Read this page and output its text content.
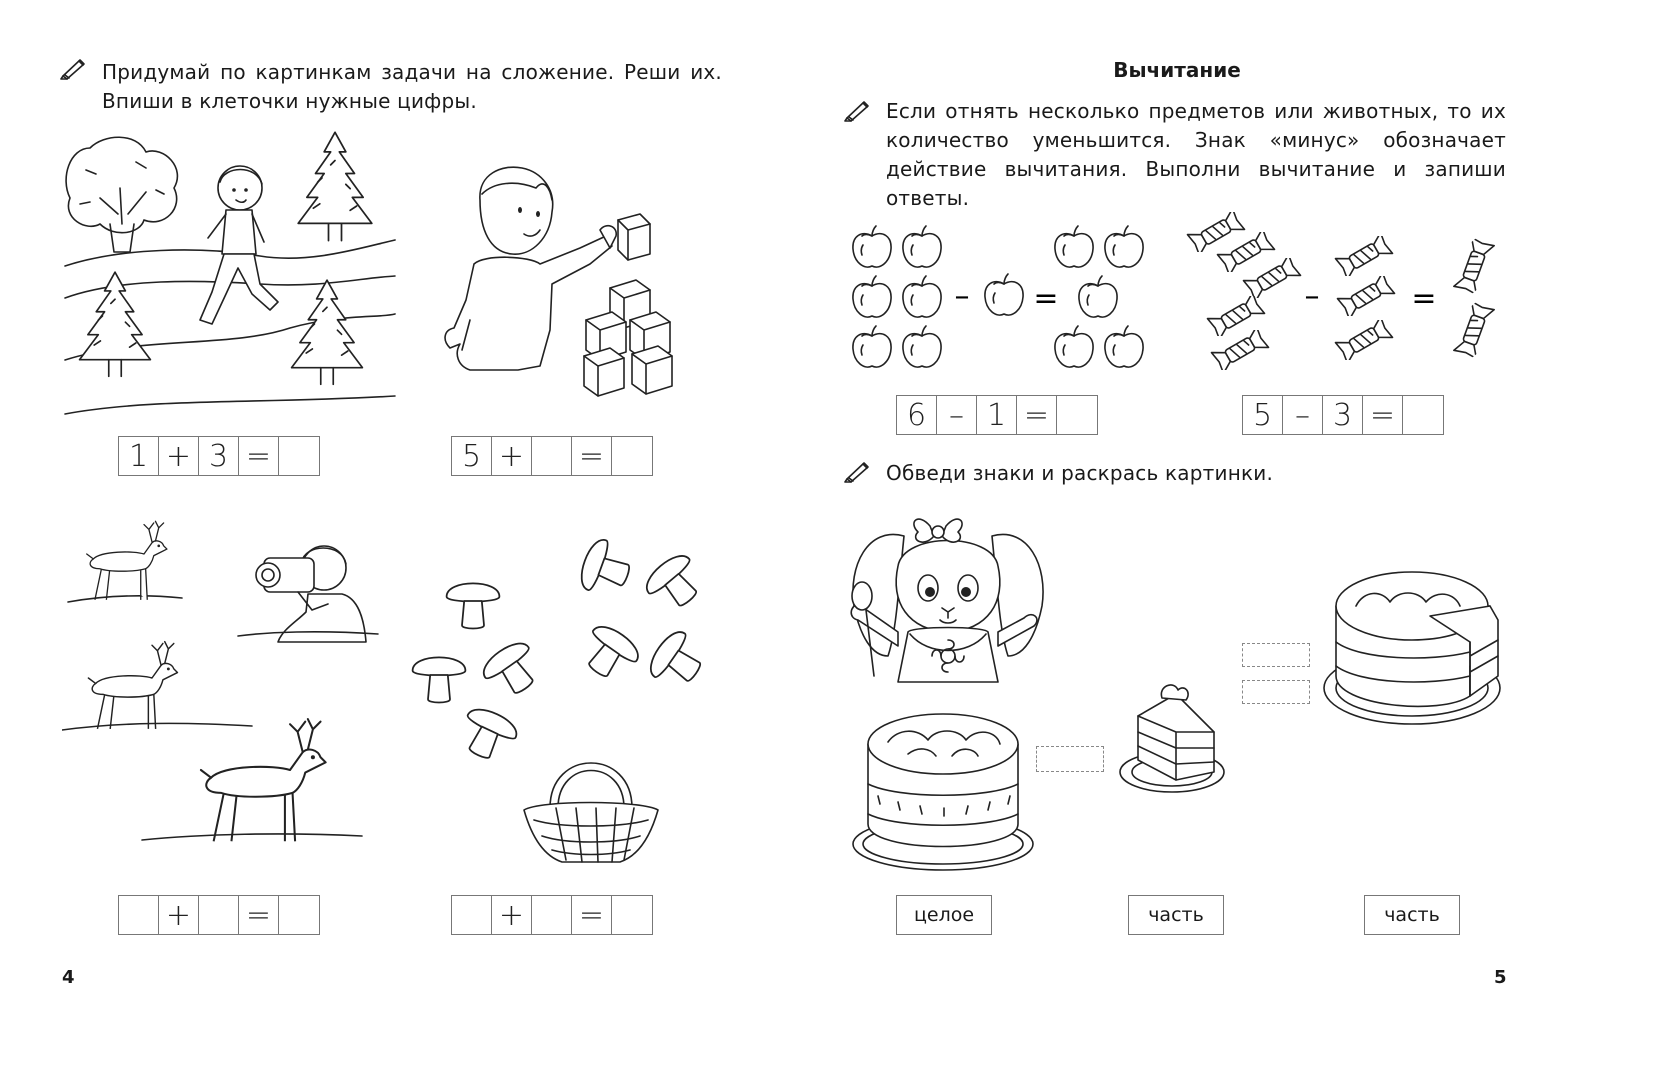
Придумай по картинкам задачи на сложение. Реши их. Впиши в клеточки нужные цифры.
1 + 3 =	5 + =
+ =	+ =
4
Вычитание
Если отнять несколько предметов или животных, то их количество уменьшится. Знак «минус» обозначает действие вычитания. Выполни вычитание и запиши ответы.
– =	–	=
6 – 1 =	5 – 3 =
Обведи знаки и раскрась картинки.
целое	часть	часть
5
